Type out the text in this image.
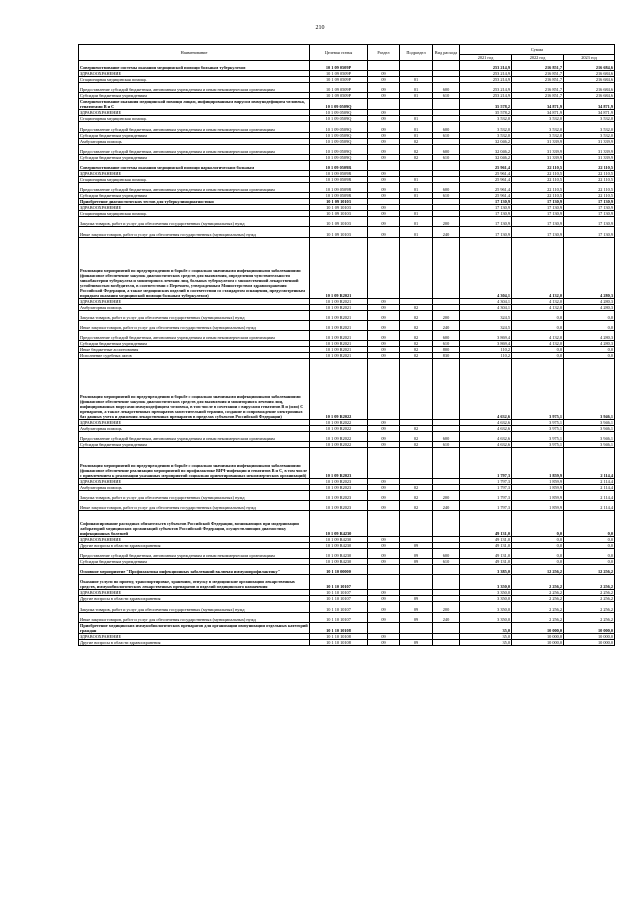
210
Наименование	Целевая статья	Раздел	Подраздел	Вид расхода	Сумма		
					2021 год	2022 год	2023 год
Совершенствование системы оказания медицинской помощи больным туберкулезом	10 1 09 0509Р				253 214,9	216 851,7	216 684,6
ЗДРАВООХРАНЕНИЕ	10 1 09 0509Р	09			253 214,9	216 851,7	216 684,6
Стационарная медицинская помощь	10 1 09 0509Р	09	01		253 214,9	216 851,7	216 684,6
Предоставление субсидий бюджетным, автономным учреждениям и иным некоммерческим организациям	10 1 09 0509Р	09	01	600	253 214,9	216 851,7	216 684,6
Субсидии бюджетным учреждениям	10 1 09 0509Р	09	01	610	253 214,9	216 851,7	216 684,6
Совершенствование оказания медицинской помощи лицам, инфицированным вирусом иммунодефицита человека, гепатитами В и С	10 1 09 0509Q				35 578,2	34 871,9	34 871,9
ЗДРАВООХРАНЕНИЕ	10 1 09 0509Q	09			35 578,2	34 871,9	34 871,9
Стационарная медицинская помощь	10 1 09 0509Q	09	01		3 532,0	3 532,0	3 532,0
Предоставление субсидий бюджетным, автономным учреждениям и иным некоммерческим организациям	10 1 09 0509Q	09	01	600	3 532,0	3 532,0	3 532,0
Субсидии бюджетным учреждениям	10 1 09 0509Q	09	01	610	3 532,0	3 532,0	3 532,0
Амбулаторная помощь	10 1 09 0509Q	09	02		32 046,2	31 339,9	31 339,9
Предоставление субсидий бюджетным, автономным учреждениям и иным некоммерческим организациям	10 1 09 0509Q	09	02	600	32 046,2	31 339,9	31 339,9
Субсидии бюджетным учреждениям	10 1 09 0509Q	09	02	610	32 046,2	31 339,9	31 339,9
Совершенствование системы оказания медицинской помощи наркологическим больным	10 1 09 0509R				25 961,4	22 110,5	22 110,5
ЗДРАВООХРАНЕНИЕ	10 1 09 0509R	09			25 961,4	22 110,5	22 110,5
Стационарная медицинская помощь	10 1 09 0509R	09	01		25 961,4	22 110,5	22 110,5
Предоставление субсидий бюджетным, автономным учреждениям и иным некоммерческим организациям	10 1 09 0509R	09	01	600	25 961,4	22 110,5	22 110,5
Субсидии бюджетным учреждениям	10 1 09 0509R	09	01	610	25 961,4	22 110,5	22 110,5
Приобретение диагностических тестов для туберкулинодиагностики	10 1 09 10103				17 130,9	17 130,9	17 130,9
ЗДРАВООХРАНЕНИЕ	10 1 09 10103	09			17 130,9	17 130,9	17 130,9
Стационарная медицинская помощь	10 1 09 10103	09	01		17 130,9	17 130,9	17 130,9
Закупка товаров, работ и услуг для обеспечения государственных (муниципальных) нужд	10 1 09 10103	09	01	200	17 130,9	17 130,9	17 130,9
Иные закупки товаров, работ и услуг для обеспечения государственных (муниципальных) нужд	10 1 09 10103	09	01	240	17 130,9	17 130,9	17 130,9
Реализация мероприятий по предупреждению и борьбе с социально значимыми инфекционными заболеваниями (финансовое обеспечение закупок диагностических средств для выявления, определения чувствительности микобактерии туберкулеза и мониторинга лечения лиц, больных туберкулезом с множественной лекарственной устойчивостью возбудителя, в соответствии с Перечнем, утвержденным Министерством здравоохранения Российской Федерации, а также медицинских изделий в соответствии со стандартом оснащения, предусмотренным порядком оказания медицинской помощи больным туберкулезом)	10 1 09 R2021				4 304,1	4 132,0	4 280,3
ЗДРАВООХРАНЕНИЕ	10 1 09 R2021	09			4 304,1	4 132,0	4 280,3
Амбулаторная помощь	10 1 09 R2021	09	02		4 304,1	4 132,0	4 280,3
Закупка товаров, работ и услуг для обеспечения государственных (муниципальных) нужд	10 1 09 R2021	09	02	200	324,5	0,0	0,0
Иные закупки товаров, работ и услуг для обеспечения государственных (муниципальных) нужд	10 1 09 R2021	09	02	240	324,5	0,0	0,0
Предоставление субсидий бюджетным, автономным учреждениям и иным некоммерческим организациям	10 1 09 R2021	09	02	600	3 869,4	4 132,0	4 280,3
Субсидии бюджетным учреждениям	10 1 09 R2021	09	02	610	3 869,4	4 132,0	4 280,3
Иные бюджетные ассигнования	10 1 09 R2021	09	02	800	110,2	0,0	0,0
Исполнение судебных актов	10 1 09 R2021	09	02	830	110,2	0,0	0,0
Реализация мероприятий по предупреждению и борьбе с социально значимыми инфекционными заболеваниями (финансовое обеспечение закупок диагностических средств для выявления и мониторинга лечения лиц, инфицированных вирусами иммунодефицита человека, в том числе в сочетании с вирусами гепатитов В и (или) С препаратов, а также лекарственных препаратов заместительной терапии, создание и сопровождение электронных баз данных учета и движения лекарственных препаратов в пределах субъектов Российской Федерации)	10 1 09 R2022				4 632,6	3 975,1	3 946,1
ЗДРАВООХРАНЕНИЕ	10 1 09 R2022	09			4 632,6	3 975,1	3 946,1
Амбулаторная помощь	10 1 09 R2022	09	02		4 632,6	3 975,1	3 946,1
Предоставление субсидий бюджетным, автономным учреждениям и иным некоммерческим организациям	10 1 09 R2022	09	02	600	4 632,6	3 975,1	3 946,1
Субсидии бюджетным учреждениям	10 1 09 R2022	09	02	610	4 632,6	3 975,1	3 946,1
Реализация мероприятий по предупреждению и борьбе с социально значимыми инфекционными заболеваниями (финансовое обеспечение реализации мероприятий по профилактике ВИЧ-инфекции и гепатитов В и С, в том числе с привлечением к реализации указанных мероприятий социально ориентированных некоммерческих организаций)	10 1 09 R2023				1 797,3	1 859,9	2 114,4
ЗДРАВООХРАНЕНИЕ	10 1 09 R2023	09			1 797,3	1 859,9	2 114,4
Амбулаторная помощь	10 1 09 R2023	09	02		1 797,3	1 859,9	2 114,4
Закупка товаров, работ и услуг для обеспечения государственных (муниципальных) нужд	10 1 09 R2023	09	02	200	1 797,3	1 859,9	2 114,4
Иные закупки товаров, работ и услуг для обеспечения государственных (муниципальных) нужд	10 1 09 R2023	09	02	240	1 797,3	1 859,9	2 114,4
Софинансирование расходных обязательств субъектов Российской Федерации, возникающих при модернизации лабораторий медицинских организаций субъектов Российской Федерации, осуществляющих диагностику инфекционных болезней	10 1 09 R4230				49 131,0	0,0	0,0
ЗДРАВООХРАНЕНИЕ	10 1 09 R4230	09			49 131,0	0,0	0,0
Другие вопросы в области здравоохранения	10 1 09 R4230	09	09		49 131,0	0,0	0,0
Предоставление субсидий бюджетным, автономным учреждениям и иным некоммерческим организациям	10 1 09 R4230	09	09	600	49 131,0	0,0	0,0
Субсидии бюджетным учреждениям	10 1 09 R4230	09	09	610	49 131,0	0,0	0,0
Основное мероприятие "Профилактика инфекционных заболеваний включая иммунопрофилактику"	10 1 10 00000				3 385,0	12 256,2	12 256,2
Оказание услуги по приему, транспортировке, хранению, отпуску в медицинские организации лекарственных средств, иммунобиологических лекарственных препаратов и изделий медицинского назначения	10 1 10 10107				3 350,0	2 256,2	2 256,2
ЗДРАВООХРАНЕНИЕ	10 1 10 10107	09			3 350,0	2 256,2	2 256,2
Другие вопросы в области здравоохранения	10 1 10 10107	09	09		3 350,0	2 256,2	2 256,2
Закупка товаров, работ и услуг для обеспечения государственных (муниципальных) нужд	10 1 10 10107	09	09	200	3 350,0	2 256,2	2 256,2
Иные закупки товаров, работ и услуг для обеспечения государственных (муниципальных) нужд	10 1 10 10107	09	09	240	3 350,0	2 256,2	2 256,2
Приобретение медицинских иммунобиологических препаратов для организации иммунизации отдельных категорий граждан	10 1 10 10108				35,0	10 000,0	10 000,0
ЗДРАВООХРАНЕНИЕ	10 1 10 10108	09			35,0	10 000,0	10 000,0
Другие вопросы в области здравоохранения	10 1 10 10108	09	09		35,0	10 000,0	10 000,0
